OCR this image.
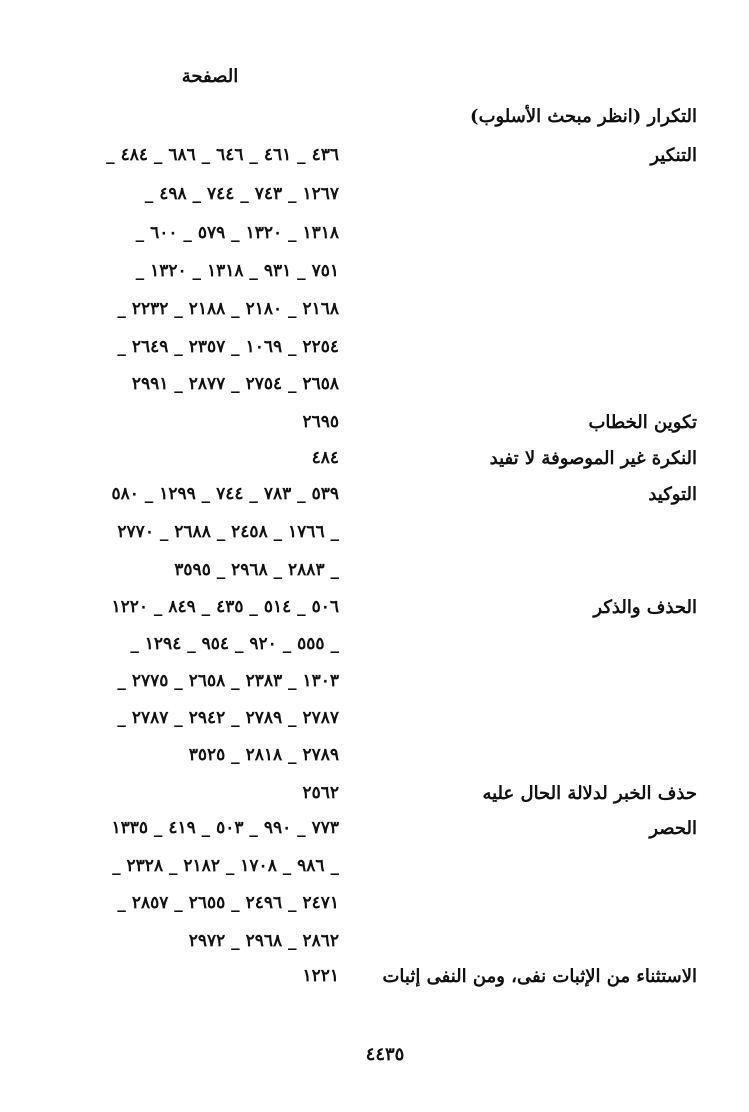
الصفحة
التكرار (انظر مبحث الأسلوب)
التنكير
٤٣٦ _ ٤٦١ _ ٦٤٦ _ ٦٨٦ _ ٤٨٤ _
١٢٦٧ _ ٧٤٣ _ ٧٤٤ _ ٤٩٨ _
١٣١٨ _ ١٣٢٠ _ ٥٧٩ _ ٦٠٠ _
٧٥١ _ ٩٣١ _ ١٣١٨ _ ١٣٢٠ _
٢١٦٨ _ ٢١٨٠ _ ٢١٨٨ _ ٢٢٣٢ _
٢٢٥٤ _ ١٠٦٩ _ ٢٣٥٧ _ ٢٦٤٩ _
٢٦٥٨ _ ٢٧٥٤ _ ٢٨٧٧ _ ٢٩٩١
تكوين الخطاب
٢٦٩٥
النكرة غير الموصوفة لا تفيد
٤٨٤
التوكيد
٥٣٩ _ ٧٨٣ _ ٧٤٤ _ ١٢٩٩ _ ٥٨٠
_ ١٧٦٦ _ ٢٤٥٨ _ ٢٦٨٨ _ ٢٧٧٠
_ ٢٨٨٣ _ ٢٩٦٨ _ ٣٥٩٥
الحذف والذكر
٥٠٦ _ ٥١٤ _ ٤٣٥ _ ٨٤٩ _ ١٢٢٠
_ ٥٥٥ _ ٩٢٠ _ ٩٥٤ _ ١٢٩٤ _
١٣٠٣ _ ٢٣٨٣ _ ٢٦٥٨ _ ٢٧٧٥ _
٢٧٨٧ _ ٢٧٨٩ _ ٢٩٤٢ _ ٢٧٨٧ _
٢٧٨٩ _ ٢٨١٨ _ ٣٥٢٥
حذف الخبر لدلالة الحال عليه
٢٥٦٢
الحصر
٧٧٣ _ ٩٩٠ _ ٥٠٣ _ ٤١٩ _ ١٣٣٥
_ ٩٨٦ _ ١٧٠٨ _ ٢١٨٢ _ ٢٣٢٨ _
٢٤٧١ _ ٢٤٩٦ _ ٢٦٥٥ _ ٢٨٥٧ _
٢٨٦٢ _ ٢٩٦٨ _ ٢٩٧٢
الاستثناء من الإثبات نفى، ومن النفى إثبات
١٢٢١
٤٤٣٥
